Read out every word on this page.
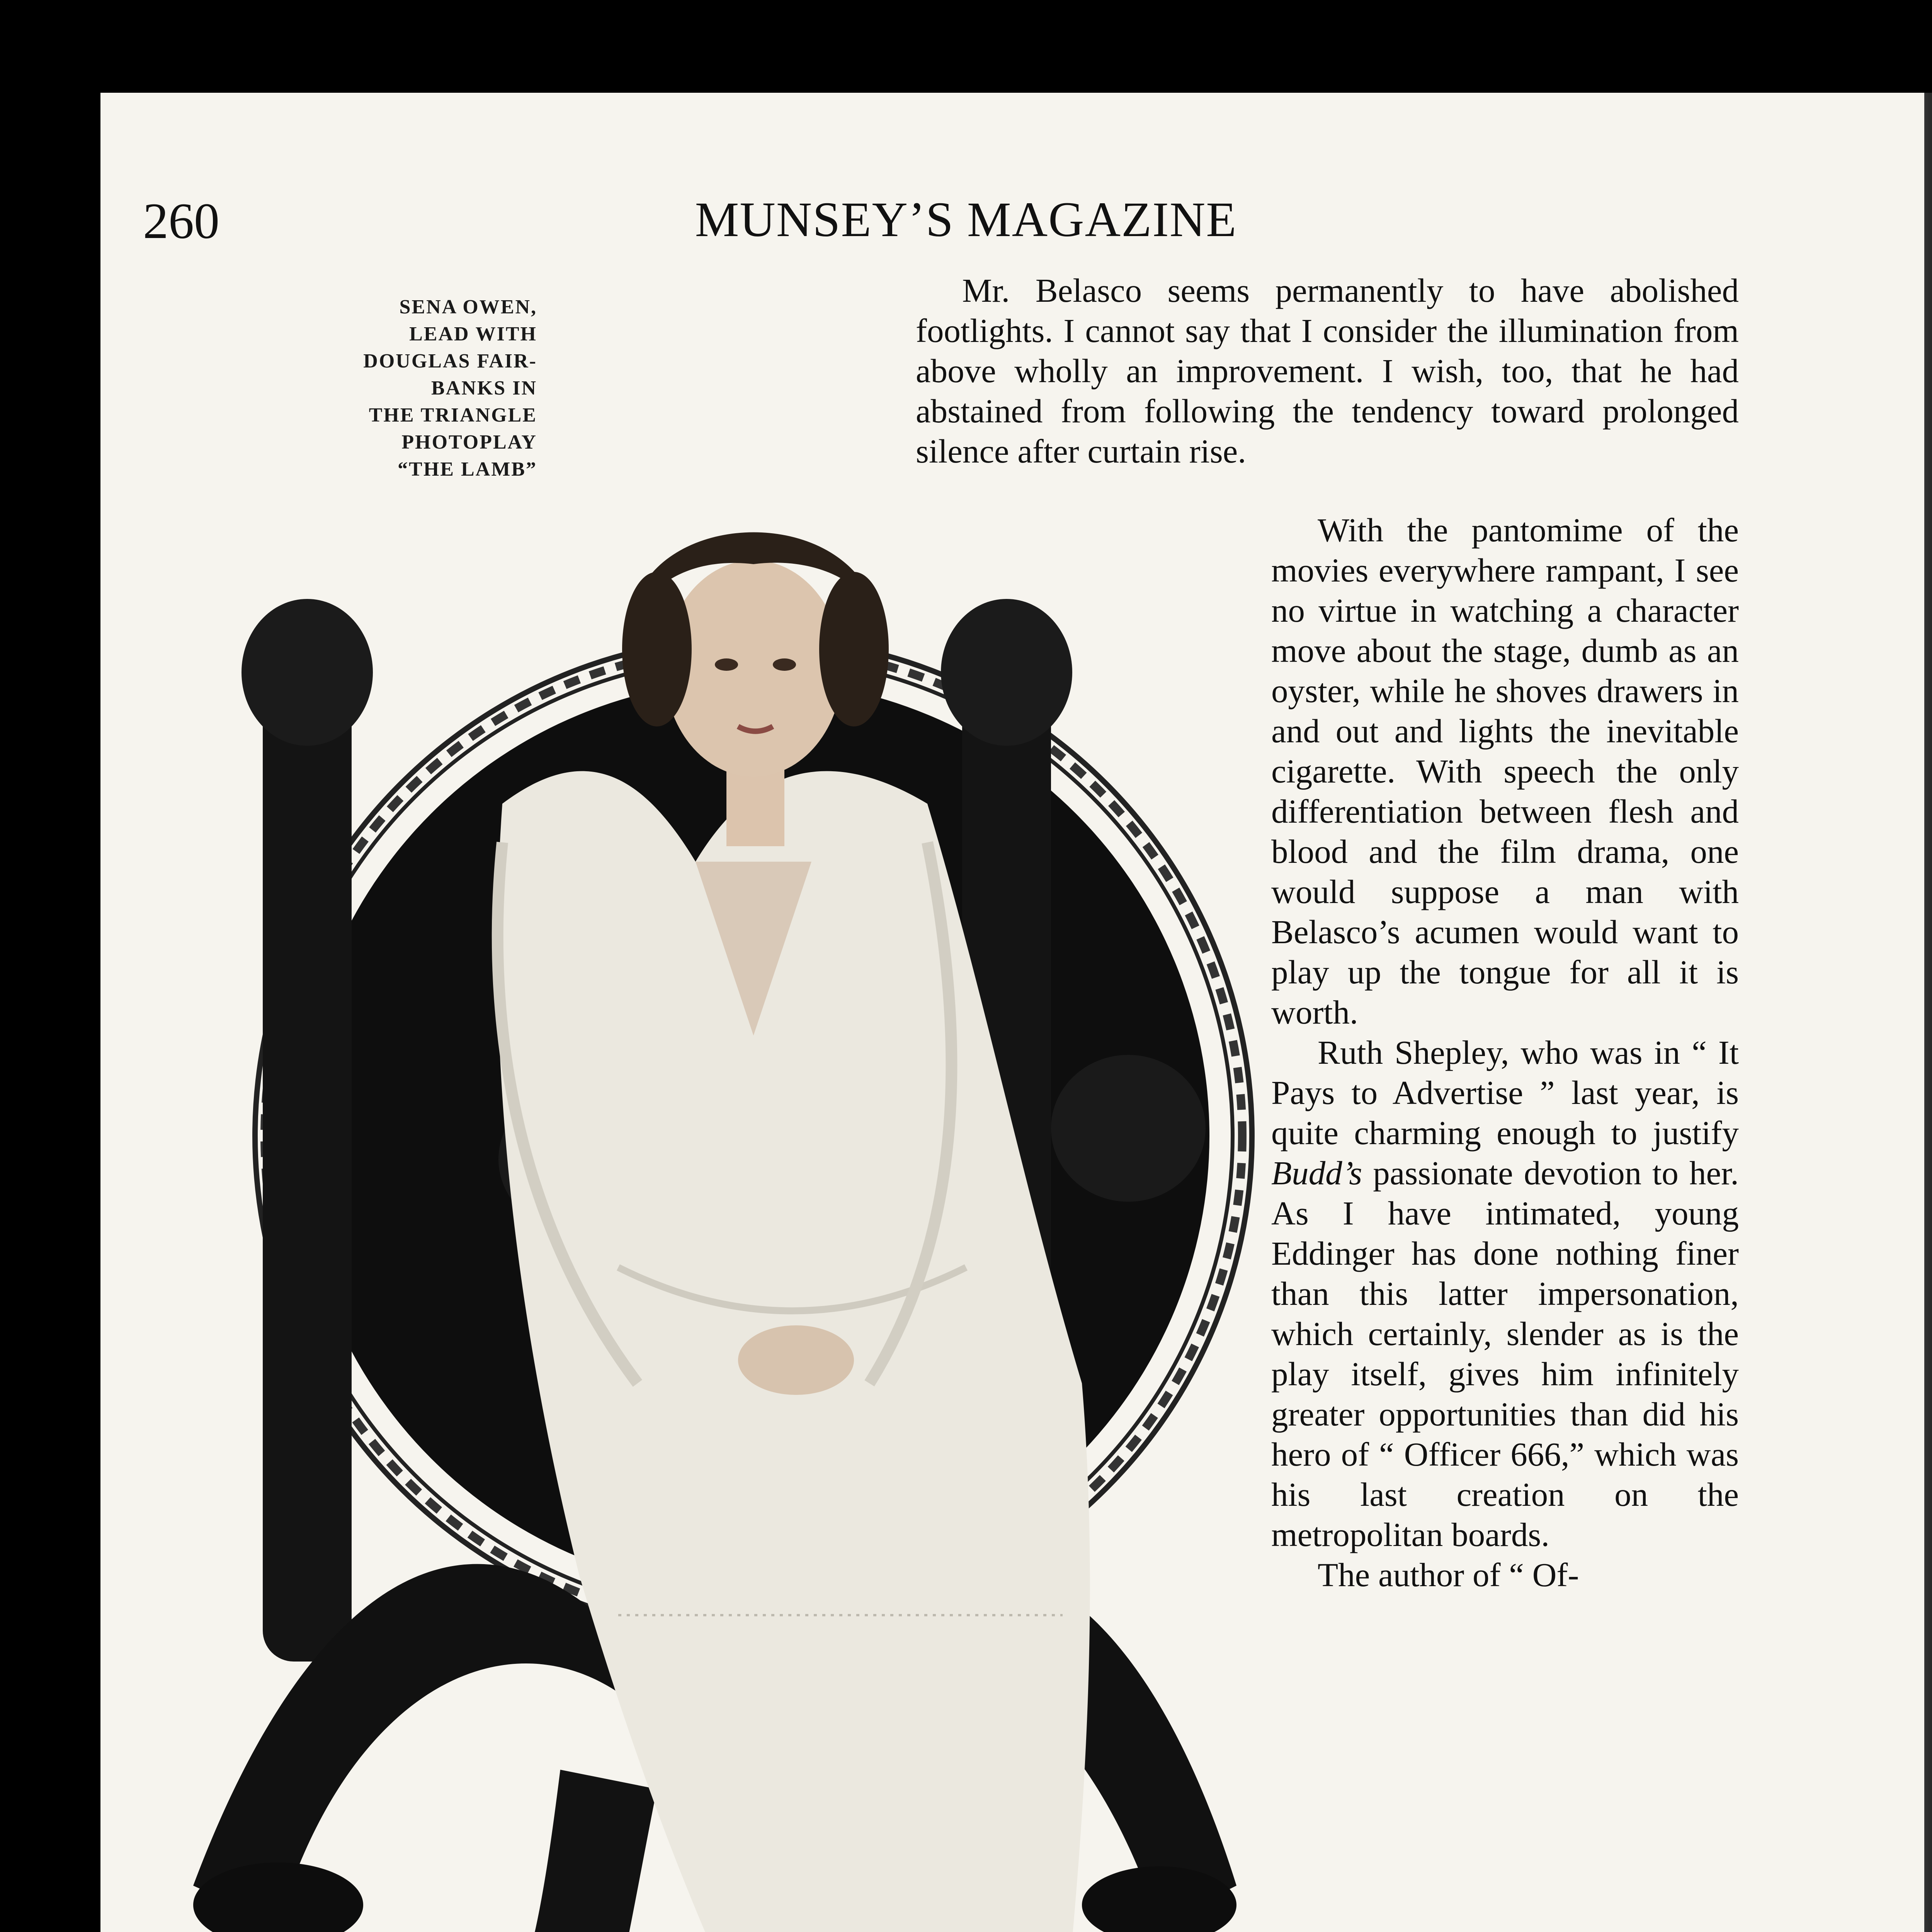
260	MUNSEY’S MAGAZINE
SENA OWEN,
LEAD WITH
DOUGLAS FAIR-
BANKS IN
THE TRIANGLE
PHOTOPLAY
“THE LAMB”

Mr. Belasco seems permanently to have abolished footlights. I cannot say that I consider the illumination from above wholly an improvement. I wish, too, that he had abstained from following the tendency toward prolonged silence after curtain rise.

With the pantomime of the movies everywhere rampant, I see no virtue in watching a character move about the stage, dumb as an oyster, while he shoves drawers in and out and lights the inevitable cigarette. With speech the only differentiation between flesh and blood and the film drama, one would suppose a man with Belasco’s acumen would want to play up the tongue for all it is worth.

Ruth Shepley, who was in “ It Pays to Advertise ” last year, is quite charming enough to justify Budd’s passionate devotion to her. As I have intimated, young Eddinger has done nothing finer than this latter impersonation, which certainly, slender as is the play itself, gives him infinitely greater opportunities than did his hero of “ Officer 666,” which was his last creation on the metropolitan boards.

The author of “ Of-
